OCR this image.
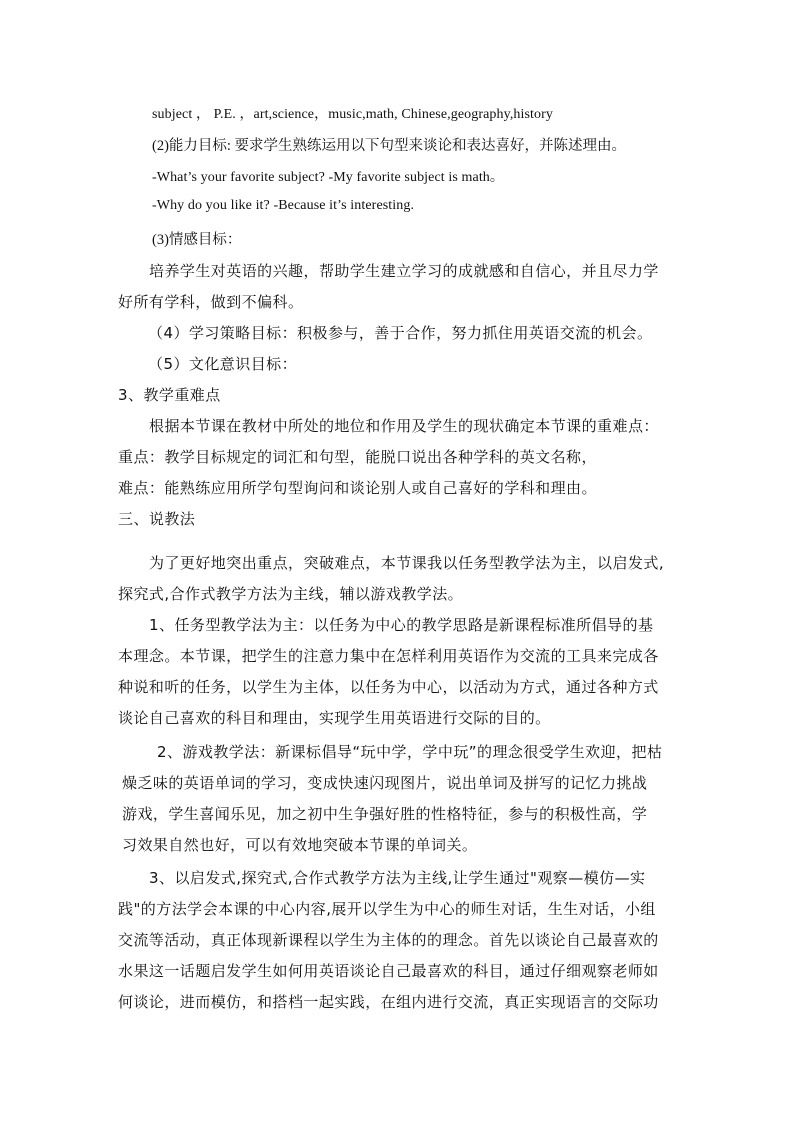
subject ， P.E. ，art,science，music,math, Chinese,geography,history
(2)能力目标: 要求学生熟练运用以下句型来谈论和表达喜好，并陈述理由。
-What’s your favorite subject? -My favorite subject is math。
-Why do you like it? -Because it’s interesting.
(3)情感目标：
培养学生对英语的兴趣，帮助学生建立学习的成就感和自信心，并且尽力学
好所有学科，做到不偏科。
（4）学习策略目标：积极参与，善于合作，努力抓住用英语交流的机会。
（5）文化意识目标：
3、教学重难点
根据本节课在教材中所处的地位和作用及学生的现状确定本节课的重难点：
重点：教学目标规定的词汇和句型，能脱口说出各种学科的英文名称，
难点：能熟练应用所学句型询问和谈论别人或自己喜好的学科和理由。
三、说教法
为了更好地突出重点，突破难点，本节课我以任务型教学法为主，以启发式,
探究式,合作式教学方法为主线，辅以游戏教学法。
1、任务型教学法为主：以任务为中心的教学思路是新课程标准所倡导的基
本理念。本节课，把学生的注意力集中在怎样利用英语作为交流的工具来完成各
种说和听的任务，以学生为主体，以任务为中心，以活动为方式，通过各种方式
谈论自己喜欢的科目和理由，实现学生用英语进行交际的目的。
2、游戏教学法：新课标倡导“玩中学，学中玩”的理念很受学生欢迎，把枯
燥乏味的英语单词的学习，变成快速闪现图片，说出单词及拼写的记忆力挑战
游戏，学生喜闻乐见，加之初中生争强好胜的性格特征，参与的积极性高，学
习效果自然也好，可以有效地突破本节课的单词关。
3、以启发式,探究式,合作式教学方法为主线,让学生通过"观察—模仿—实
践"的方法学会本课的中心内容,展开以学生为中心的师生对话，生生对话，小组
交流等活动，真正体现新课程以学生为主体的的理念。首先以谈论自己最喜欢的
水果这一话题启发学生如何用英语谈论自己最喜欢的科目，通过仔细观察老师如
何谈论，进而模仿，和搭档一起实践，在组内进行交流，真正实现语言的交际功
